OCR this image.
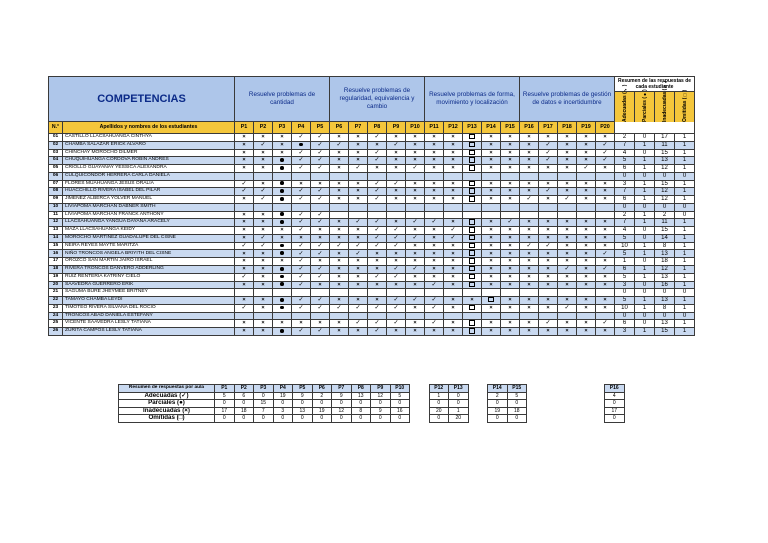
COMPETENCIAS		Resuelve problemas de cantidad					Resuelve problemas de regularidad, equivalencia y cambio					Resuelve problemas de forma, movimiento y localización					Resuelve problemas de gestión de datos e incertidumbre					Resumen de las respuestas de cada estudiante
Adecuadas (✓) Parciales (●) Inadecuadas (×) Omitidas (□)			

N.°	Apellidos y nombres de los estudiantes	P1	P2	P3	P4	P5	P6	P7	P8	P9	P10	P11	P12	P13	P14	P15	P16	P17	P18	P19	P20				
01	CASTILLO LLACSAHUANGA CINTHYA	×	×	×	✓	✓	×	×	✓	×	×	×	×		×	×	×	×	×	×	×	2	0	17	1
02	CHAMBA SALAZAR ERICK ALVARO	×	✓	×		✓	✓	×	×	✓	×	×	×		×	×	×	✓	×	×	✓	7	1	11	1
03	CHINCHAY MOROCHO DILMER	×	×	×	✓	✓	×	×	✓	×	×	×	×		×	×	×	✓	×	×	✓	4	0	15	1
04	CHUQUIHUANGA CORDOVA ROBIN ANDRES	×	×		✓	✓	×	×	✓	×	×	×	×		×	×	×	✓	×	×	✓	5	1	13	1
05	CRIOLLO GUAYANAY YESSICA ALEXANDRA	×	×		✓	✓	×	✓	×	×	✓	×	×		×	×	×	×	×	✓	×	6	1	12	1
06	CULQUICONDOR HERRERA CARLA DANIELA																					0	0	0	0
07	FLORES MUAHUANGA JESUS ORALIA	✓	×		×	×	×	×	✓	✓	×	×	×		×	×	×	×	×	×	×	3	1	15	1
08	HUACCHILLO RIVERA ISABEL DEL PILAR	✓	✓		✓	✓	×	×	✓	×	×	×	×		×	×	×	✓	×	×	×	7	1	12	1
09	JIMENEZ ALBERCA YOLVER MANUEL	×	✓		✓	✓	×	×	✓	×	×	×	×		×	×	✓	×	✓	×	×	6	1	12	1
10	LIVIAPOMA MARCHAN DABNER SMITH																					0	0	0	0
11	LIVIAPOMA MARCHAN FRANCK ANTHONY	×	×		✓	✓																2	1	2	0
12	LLACSAHUANGA YANGUA DAYANA ARACELY	×	×		✓	✓	×	✓	✓	×	✓	✓	×		×	✓	×	×	×	×	×	7	1	11	1
13	MAZA LLACSAHUANGA KEIDY	×	×	×	✓	×	×	×	✓	✓	×	×	✓		×	×	×	×	×	×	×	4	0	15	1
14	MOROCHO MARTINEZ GUADALUPE DEL CISNE	×	✓	×	×	×	×	×	✓	✓	✓	×	✓		×	×	×	×	×	×	×	5	0	14	1
15	NEIRA REYES MAYTE MARITZA	✓	✓		✓	✓	✓	✓	✓	✓	×	×	×		×	×	✓	✓	×	×	×	10	1	8	1
16	NIÑO TRONCOS ANGELA BRIYITH DEL CISNE	×	×		✓	✓	×	✓	×	×	×	×	×		×	×	×	×	×	×	✓	5	1	13	1
17	OROZCO SAN MARTIN JAIRO ISRAEL	×	×	×	✓	×	×	×	×	×	×	×	×		×	×	×	×	×	×	×	1	0	18	1
18	RIVERA TRONCOS DANVERO ADDERLING	×	×		✓	✓	×	×	×	✓	✓	×	×		×	×	×	×	✓	×	✓	6	1	12	1
19	RUIZ RENTERIA KATRINY CIELO	✓	×		✓	✓	×	×	✓	✓	×	×	×		×	×	×	×	×	×	×	5	1	13	1
20	SAAVEDRA GUERRERO ERIK	×	×		✓	×	×	×	×	×	×	✓	×		×	×	×	×	×	×	×	3	0	16	1
21	SAGUMA BURE JHEYMEE BRITNEY																					0	0	0	0
22	TAMAYO CHAMBA LEYDI	×	×		✓	✓	×	×	×	✓	✓	✓	×	×		×	×	×	×	×	×	5	1	13	1
23	TIMOTEO RIVERA SILVANA DEL ROCIO	✓	×		✓	✓	✓	✓	✓	✓	×	✓	×		×	×	×	×	✓	×	×	10	1	8	1
24	TRONCOS ABAD DANIELA ESTEFANY																					0	0	0	0
25	VICENTE SAAVEDRA LESLY TATIANA	×	×	×	×	×	×	✓	✓	✓	×	✓	×		×	×	×	✓	×	×	✓	6	0	13	1
26	ZURITA CAMPOS LESLY TATIANA	×	×		✓	✓	×	×	✓	×	×	×	×		×	×	×	×	×	×	×	3	1	15	1
Resumen de respuestas por aula	P1	P2	P3	P4	P5	P6	P7	P8	P9	P10		P12	P13		P14	P15					P16
Adecuadas (✓)	5	6	0	19	9	2	9	13	12	5		1	0		2	5					4
Parciales (●)	0	0	15	0	0	0	0	0	0	0		0	0		0	0					0
Inadecuadas (×)	17	18	7	3	13	19	12	8	9	16		20	1		19	18					17
Omitidas (□)	0	0	0	0	0	0	0	0	0	0		0	20		0	0					0
